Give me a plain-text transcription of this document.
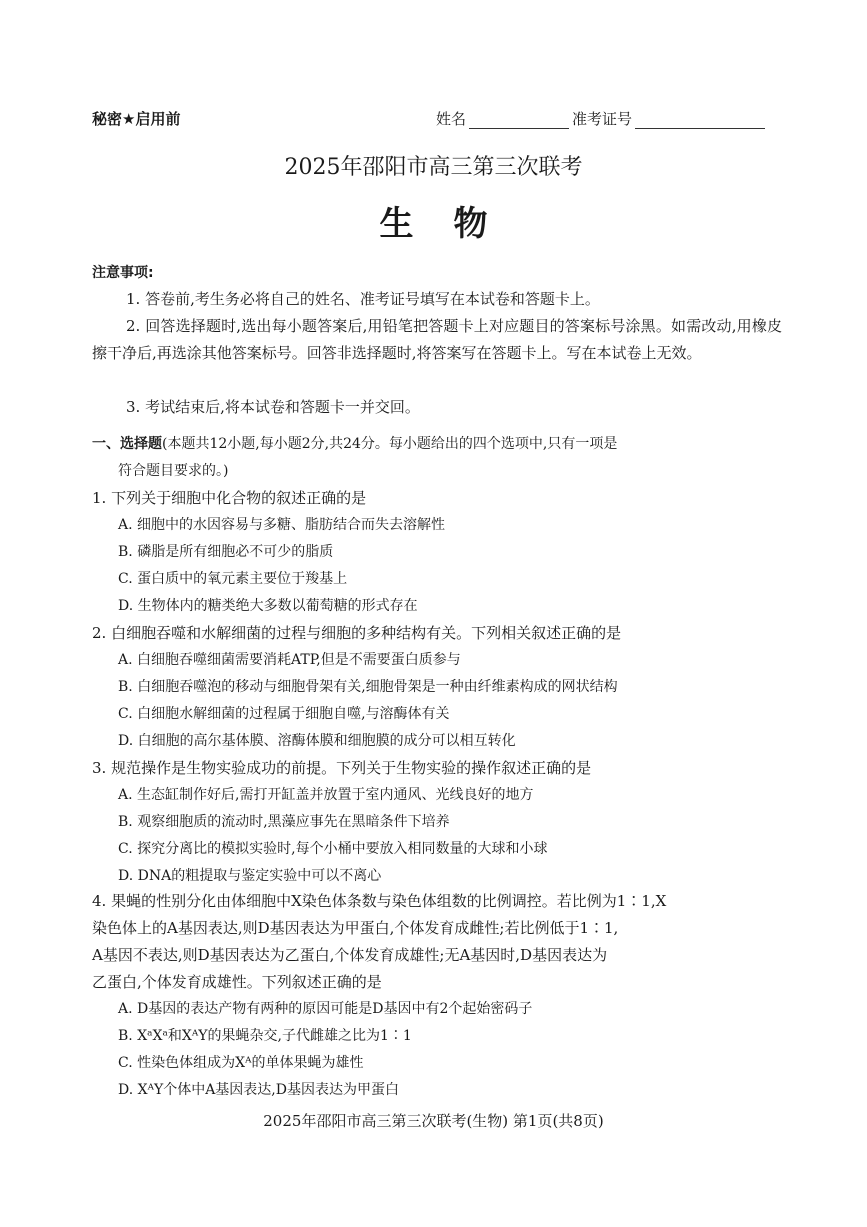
秘密★启用前	姓名	准考证号
2025年邵阳市高三第三次联考
生物
注意事项:
1. 答卷前,考生务必将自己的姓名、准考证号填写在本试卷和答题卡上。
2. 回答选择题时,选出每小题答案后,用铅笔把答题卡上对应题目的答案标号涂黑。如需改动,用橡皮擦干净后,再选涂其他答案标号。回答非选择题时,将答案写在答题卡上。写在本试卷上无效。
3. 考试结束后,将本试卷和答题卡一并交回。
一、选择题(本题共12小题,每小题2分,共24分。每小题给出的四个选项中,只有一项是
符合题目要求的。)
1. 下列关于细胞中化合物的叙述正确的是
A. 细胞中的水因容易与多糖、脂肪结合而失去溶解性
B. 磷脂是所有细胞必不可少的脂质
C. 蛋白质中的氧元素主要位于羧基上
D. 生物体内的糖类绝大多数以葡萄糖的形式存在
2. 白细胞吞噬和水解细菌的过程与细胞的多种结构有关。下列相关叙述正确的是
A. 白细胞吞噬细菌需要消耗ATP,但是不需要蛋白质参与
B. 白细胞吞噬泡的移动与细胞骨架有关,细胞骨架是一种由纤维素构成的网状结构
C. 白细胞水解细菌的过程属于细胞自噬,与溶酶体有关
D. 白细胞的高尔基体膜、溶酶体膜和细胞膜的成分可以相互转化
3. 规范操作是生物实验成功的前提。下列关于生物实验的操作叙述正确的是
A. 生态缸制作好后,需打开缸盖并放置于室内通风、光线良好的地方
B. 观察细胞质的流动时,黑藻应事先在黑暗条件下培养
C. 探究分离比的模拟实验时,每个小桶中要放入相同数量的大球和小球
D. DNA的粗提取与鉴定实验中可以不离心
4. 果蝇的性别分化由体细胞中X染色体条数与染色体组数的比例调控。若比例为1∶1,X
染色体上的A基因表达,则D基因表达为甲蛋白,个体发育成雌性;若比例低于1∶1,
A基因不表达,则D基因表达为乙蛋白,个体发育成雄性;无A基因时,D基因表达为
乙蛋白,个体发育成雄性。下列叙述正确的是
A. D基因的表达产物有两种的原因可能是D基因中有2个起始密码子
B. XᵃXᵃ和XᴬY的果蝇杂交,子代雌雄之比为1∶1
C. 性染色体组成为Xᴬ的单体果蝇为雄性
D. XᴬY个体中A基因表达,D基因表达为甲蛋白
2025年邵阳市高三第三次联考(生物) 第1页(共8页)
